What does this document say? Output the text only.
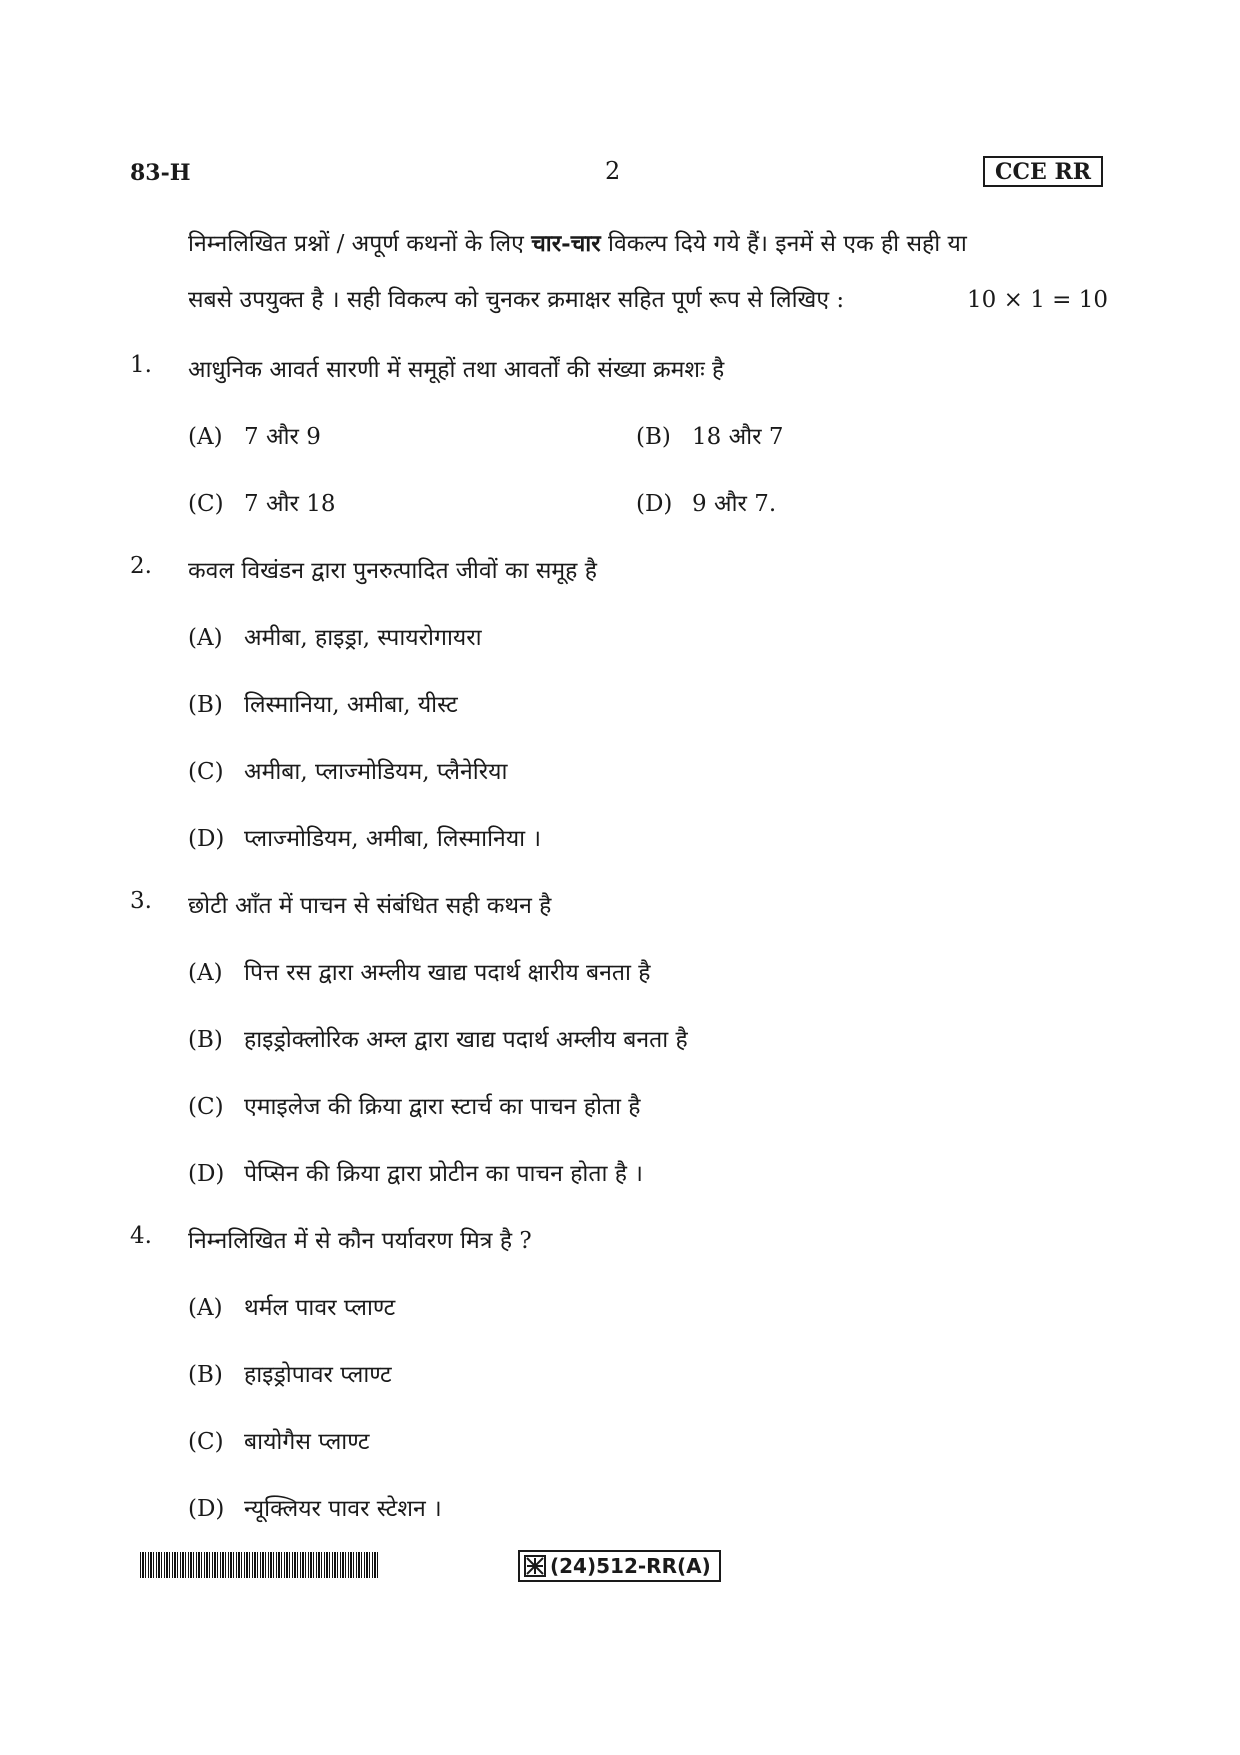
83-H	2	CCE RR
निम्नलिखित प्रश्नों / अपूर्ण कथनों के लिए चार-चार विकल्प दिये गये हैं। इनमें से एक ही सही या
सबसे उपयुक्त है । सही विकल्प को चुनकर क्रमाक्षर सहित पूर्ण रूप से लिखिए :	10 × 1 = 10
1. आधुनिक आवर्त सारणी में समूहों तथा आवर्तों की संख्या क्रमशः है
(A) 7 और 9	(B) 18 और 7
(C) 7 और 18	(D) 9 और 7.
2. कवल विखंडन द्वारा पुनरुत्पादित जीवों का समूह है
(A) अमीबा, हाइड्रा, स्पायरोगायरा
(B) लिस्मानिया, अमीबा, यीस्ट
(C) अमीबा, प्लाज्मोडियम, प्लैनेरिया
(D) प्लाज्मोडियम, अमीबा, लिस्मानिया ।
3. छोटी आँत में पाचन से संबंधित सही कथन है
(A) पित्त रस द्वारा अम्लीय खाद्य पदार्थ क्षारीय बनता है
(B) हाइड्रोक्लोरिक अम्ल द्वारा खाद्य पदार्थ अम्लीय बनता है
(C) एमाइलेज की क्रिया द्वारा स्टार्च का पाचन होता है
(D) पेप्सिन की क्रिया द्वारा प्रोटीन का पाचन होता है ।
4. निम्नलिखित में से कौन पर्यावरण मित्र है ?
(A) थर्मल पावर प्लाण्ट
(B) हाइड्रोपावर प्लाण्ट
(C) बायोगैस प्लाण्ट
(D) न्यूक्लियर पावर स्टेशन ।
(24)512-RR(A)
